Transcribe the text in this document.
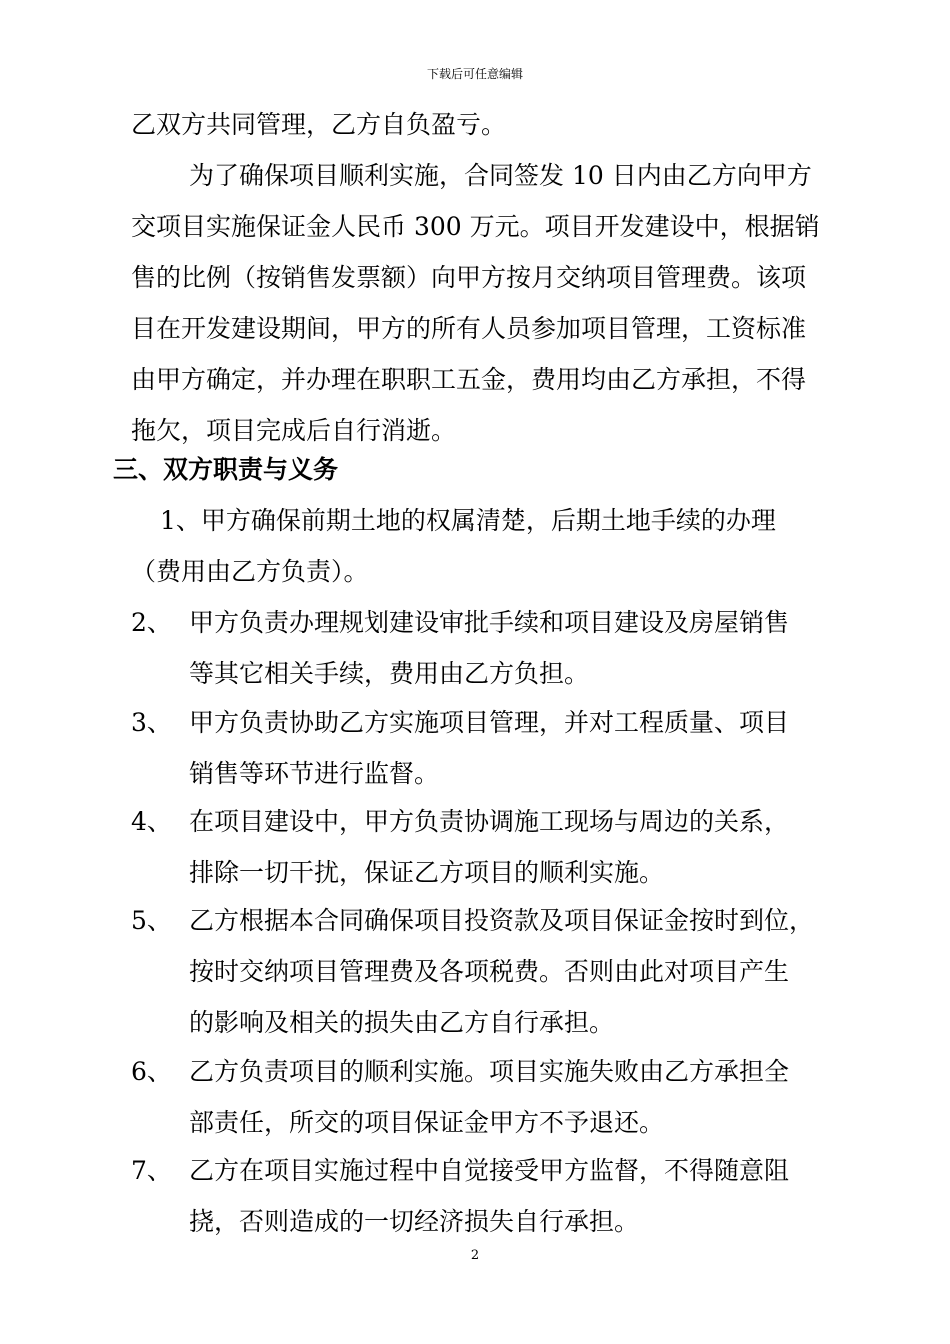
下载后可任意编辑
乙双方共同管理，乙方自负盈亏。
为了确保项目顺利实施，合同签发 10 日内由乙方向甲方
交项目实施保证金人民币 300 万元。项目开发建设中，根据销
售的比例（按销售发票额）向甲方按月交纳项目管理费。该项
目在开发建设期间，甲方的所有人员参加项目管理，工资标准
由甲方确定，并办理在职职工五金，费用均由乙方承担，不得
拖欠，项目完成后自行消逝。
三、双方职责与义务
1、甲方确保前期土地的权属清楚，后期土地手续的办理
（费用由乙方负责）。
2、 甲方负责办理规划建设审批手续和项目建设及房屋销售
等其它相关手续，费用由乙方负担。
3、 甲方负责协助乙方实施项目管理，并对工程质量、项目
销售等环节进行监督。
4、 在项目建设中，甲方负责协调施工现场与周边的关系，
排除一切干扰，保证乙方项目的顺利实施。
5、 乙方根据本合同确保项目投资款及项目保证金按时到位，
按时交纳项目管理费及各项税费。否则由此对项目产生
的影响及相关的损失由乙方自行承担。
6、 乙方负责项目的顺利实施。项目实施失败由乙方承担全
部责任，所交的项目保证金甲方不予退还。
7、 乙方在项目实施过程中自觉接受甲方监督，不得随意阻
挠，否则造成的一切经济损失自行承担。
2
